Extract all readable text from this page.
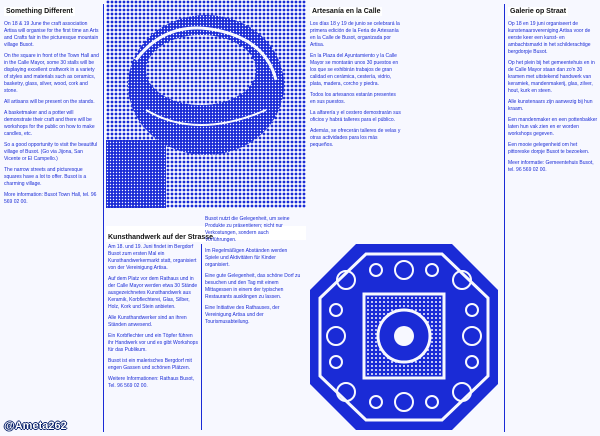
Something Different

On 18 & 19 June the craft association Artisa will organise for the first time an Arts and Crafts fair in the picturesque mountain village Busot.

On the square in front of the Town Hall and in the Calle Mayor, some 30 stalls will be displaying excellent craftwork in a variety of styles and materials such as ceramics, basketry, glass, silver, wood, cork and stone.

All artisans will be present on the stands.

A basketmaker and a potter will demonstrate their craft and there will be workshops for the public on how to make candles, etc.

So a good opportunity to visit the beautiful village of Busot. (Go via Jijona, San Vicente or El Campello.)

The narrow streets and picturesque squares have a lot to offer. Busot is a charming village.

More information: Busot Town Hall, tel. 96 569 02 00.

Artesanía en la Calle

Los días 18 y 19 de junio se celebrará la primera edición de la Feria de Artesanía en la Calle de Busot, organizada por Artisa.

En la Plaza del Ayuntamiento y la Calle Mayor se montarán unos 30 puestos en los que se exhibirán trabajos de gran calidad en cerámica, cestería, vidrio, plata, madera, corcho y piedra.

Todos los artesanos estarán presentes en sus puestos.

La alfarería y el cestero demostrarán sus oficios y habrá talleres para el público.

Además, se ofrecerán talleres de velas y otras actividades para los más pequeños.

Galerie op Straat

Op 18 en 19 juni organiseert de kunstenaarsvereniging Artisa voor de eerste keer een kunst- en ambachtsmarkt in het schilderachtige bergdorpje Busot.

Op het plein bij het gemeentehuis en in de Calle Mayor staan dan zo'n 30 kramen met uitstekend handwerk van keramiek, mandenmakerij, glas, zilver, hout, kurk en steen.

Alle kunstenaars zijn aanwezig bij hun kraam.

Een mandenmaker en een pottenbakker laten hun vak zien en er worden workshops gegeven.

Een mooie gelegenheid om het pittoreske dorpje Busot te bezoeken.

Meer informatie: Gemeentehuis Busot, tel. 96 569 02 00.

Kunsthandwerk auf der Strasse

Am 18. und 19. Juni findet im Bergdorf Busot zum ersten Mal ein Kunsthandwerkermarkt statt, organisiert von der Vereinigung Artisa.

Auf dem Platz vor dem Rathaus und in der Calle Mayor werden etwa 30 Stände ausgezeichnetes Kunsthandwerk aus Keramik, Korbflechterei, Glas, Silber, Holz, Kork und Stein anbieten.

Alle Kunsthandwerker sind an ihren Ständen anwesend.

Ein Korbflechter und ein Töpfer führen ihr Handwerk vor und es gibt Workshops für das Publikum.

Busot ist ein malerisches Bergdorf mit engen Gassen und schönen Plätzen.

Weitere Informationen: Rathaus Busot, Tel. 96 569 02 00.

Busot nutzt die Gelegenheit, um seine Produkte zu präsentieren; nicht nur Verkostungen, sondern auch Vorführungen.

Im Regelmäßigen Abständen werden Spiele und Aktivitäten für Kinder organisiert.

Eine gute Gelegenheit, das schöne Dorf zu besuchen und den Tag mit einem Mittagessen in einem der typischen Restaurants ausklingen zu lassen.

Eine Initiative des Rathauses, der Vereinigung Artisa und der Tourismusabteilung.

@Ameta262
